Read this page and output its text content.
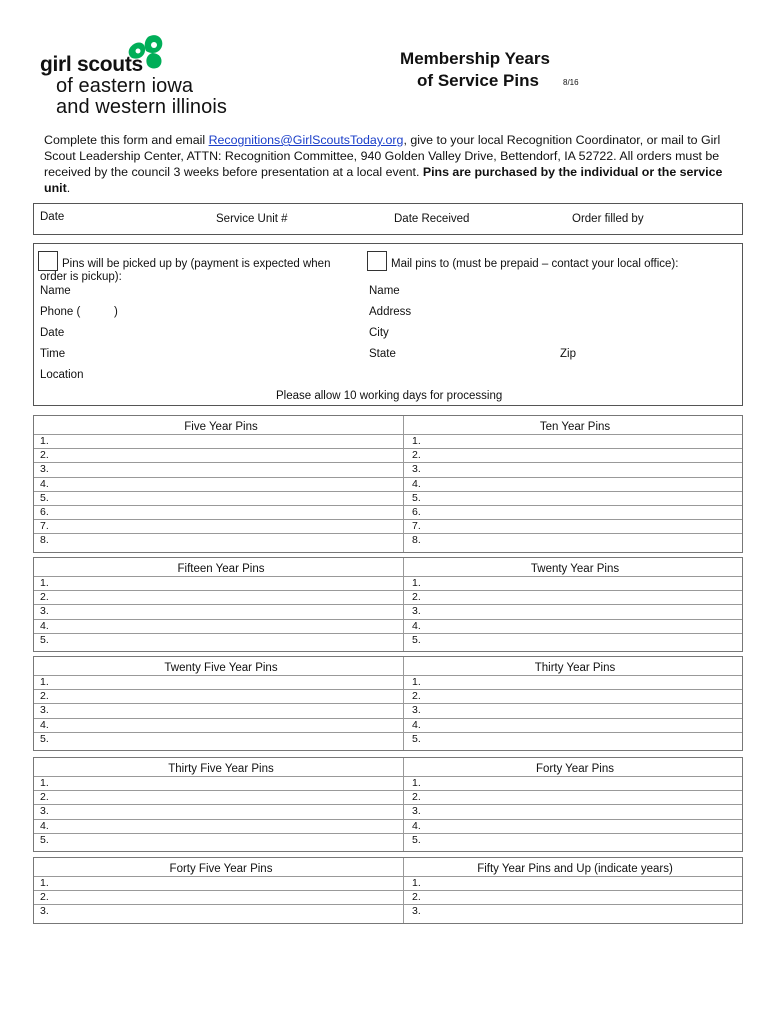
girl scouts
of eastern iowa
and western illinois
Membership Years
of Service Pins	8/16
Complete this form and email Recognitions@GirlScoutsToday.org, give to your local Recognition Coordinator, or mail to Girl Scout Leadership Center, ATTN: Recognition Committee, 940 Golden Valley Drive, Bettendorf, IA 52722. All orders must be received by the council 3 weeks before presentation at a local event. Pins are purchased by the individual or the service unit.
Date	Service Unit #	Date Received	Order filled by
Pins will be picked up by (payment is expected when
order is pickup):
Name
Phone (	)
Date
Time
Location
Mail pins to (must be prepaid – contact your local office):
Name
Address
City
State	Zip
Please allow 10 working days for processing
Five Year Pins
1.
2.
3.
4.
5.
6.
7.
8.
Ten Year Pins
1.
2.
3.
4.
5.
6.
7.
8.
Fifteen Year Pins
1.
2.
3.
4.
5.
Twenty Year Pins
1.
2.
3.
4.
5.
Twenty Five Year Pins
1.
2.
3.
4.
5.
Thirty Year Pins
1.
2.
3.
4.
5.
Thirty Five Year Pins
1.
2.
3.
4.
5.
Forty Year Pins
1.
2.
3.
4.
5.
Forty Five Year Pins
1.
2.
3.
Fifty Year Pins and Up (indicate years)
1.
2.
3.
